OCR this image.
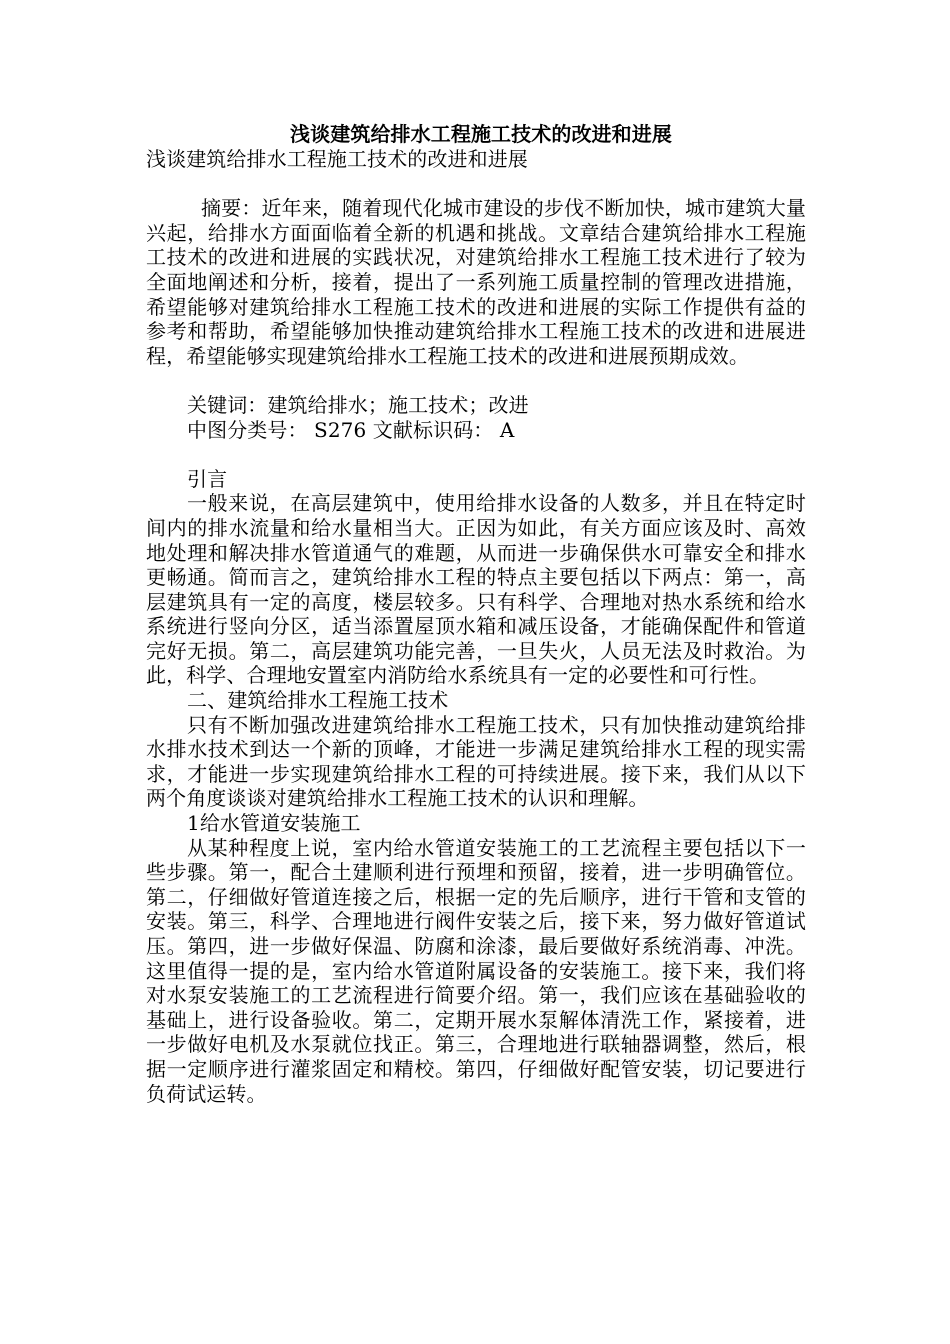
浅谈建筑给排水工程施工技术的改进和进展

浅谈建筑给排水工程施工技术的改进和进展

摘要：近年来，随着现代化城市建设的步伐不断加快，城市建筑大量兴起，给排水方面面临着全新的机遇和挑战。文章结合建筑给排水工程施工技术的改进和进展的实践状况，对建筑给排水工程施工技术进行了较为全面地阐述和分析，接着，提出了一系列施工质量控制的管理改进措施，希望能够对建筑给排水工程施工技术的改进和进展的实际工作提供有益的参考和帮助，希望能够加快推动建筑给排水工程施工技术的改进和进展进程，希望能够实现建筑给排水工程施工技术的改进和进展预期成效。

关键词：建筑给排水；施工技术；改进

中图分类号： S276 文献标识码： A

引言

一般来说，在高层建筑中，使用给排水设备的人数多，并且在特定时间内的排水流量和给水量相当大。正因为如此，有关方面应该及时、高效地处理和解决排水管道通气的难题，从而进一步确保供水可靠安全和排水更畅通。简而言之，建筑给排水工程的特点主要包括以下两点：第一，高层建筑具有一定的高度，楼层较多。只有科学、合理地对热水系统和给水系统进行竖向分区，适当添置屋顶水箱和减压设备，才能确保配件和管道完好无损。第二，高层建筑功能完善，一旦失火，人员无法及时救治。为此，科学、合理地安置室内消防给水系统具有一定的必要性和可行性。

二、建筑给排水工程施工技术

只有不断加强改进建筑给排水工程施工技术，只有加快推动建筑给排水排水技术到达一个新的顶峰，才能进一步满足建筑给排水工程的现实需求，才能进一步实现建筑给排水工程的可持续进展。接下来，我们从以下两个角度谈谈对建筑给排水工程施工技术的认识和理解。

1给水管道安装施工

从某种程度上说，室内给水管道安装施工的工艺流程主要包括以下一些步骤。第一，配合土建顺利进行预埋和预留，接着，进一步明确管位。第二，仔细做好管道连接之后，根据一定的先后顺序，进行干管和支管的安装。第三，科学、合理地进行阀件安装之后，接下来，努力做好管道试压。第四，进一步做好保温、防腐和涂漆，最后要做好系统消毒、冲洗。这里值得一提的是，室内给水管道附属设备的安装施工。接下来，我们将对水泵安装施工的工艺流程进行简要介绍。第一，我们应该在基础验收的基础上，进行设备验收。第二，定期开展水泵解体清洗工作，紧接着，进一步做好电机及水泵就位找正。第三，合理地进行联轴器调整，然后，根据一定顺序进行灌浆固定和精校。第四，仔细做好配管安装，切记要进行负荷试运转。
